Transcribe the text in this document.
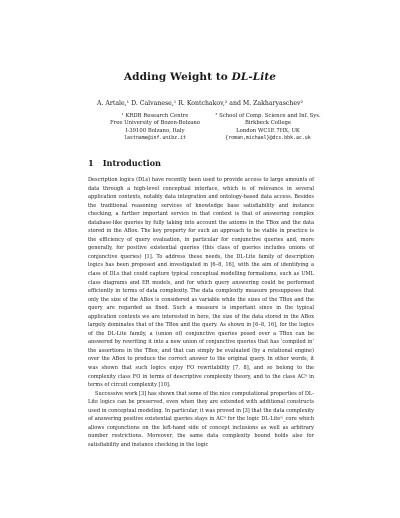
Adding Weight to DL-Lite
A. Artale,¹ D. Calvanese,¹ R. Kontchakov,² and M. Zakharyaschev²
¹ KRDB Research Centre
Free University of Bozen-Bolzano
I-39100 Bolzano, Italy
lastname@inf.unibz.it
² School of Comp. Science and Inf. Sys.
Birkbeck College
London WC1E 7HX, UK
{roman,michael}@dcs.bbk.ac.uk
1 Introduction

Description logics (DLs) have recently been used to provide access to large amounts of data through a high-level conceptual interface, which is of relevance in several application contexts, notably data integration and ontology-based data access. Besides the traditional reasoning services of knowledge base satisfiability and instance checking, a further important service in that context is that of answering complex database-like queries by fully taking into account the axioms in the TBox and the data stored in the ABox. The key property for such an approach to be viable in practice is the efficiency of query evaluation, in particular for conjunctive queries and, more generally, for positive existential queries (this class of queries includes unions of conjunctive queries) [1]. To address these needs, the DL-Lite family of description logics has been proposed and investigated in [6–8, 16], with the aim of identifying a class of DLs that could capture typical conceptual modelling formalisms, such as UML class diagrams and ER models, and for which query answering could be performed efficiently in terms of data complexity. The data complexity measure presupposes that only the size of the ABox is considered as variable while the sizes of the TBox and the query are regarded as fixed. Such a measure is important since in the typical application contexts we are interested in here, the size of the data stored in the ABox largely dominates that of the TBox and the query. As shown in [6–8, 16], for the logics of the DL-Lite family, a (union of) conjunctive queries posed over a TBox can be answered by rewriting it into a new union of conjunctive queries that has ‘compiled in’ the assertions in the TBox, and that can simply be evaluated (by a relational engine) over the ABox to produce the correct answer to the original query. In other words, it was shown that such logics enjoy FO rewritability [7, 8], and so belong to the complexity class FO in terms of descriptive complexity theory, and to the class AC⁰ in terms of circuit complexity [10].

Successive work [3] has shown that some of the nice computational properties of DL-Lite logics can be preserved, even when they are extended with additional constructs used in conceptual modeling. In particular, it was proved in [3] that the data complexity of answering positive existential queries stays in AC⁰ for the logic DL-Liteᴺ_core which allows conjunctions on the left-hand side of concept inclusions as well as arbitrary number restrictions. Moreover, the same data complexity bound holds also for satisfiability and instance checking in the logic
